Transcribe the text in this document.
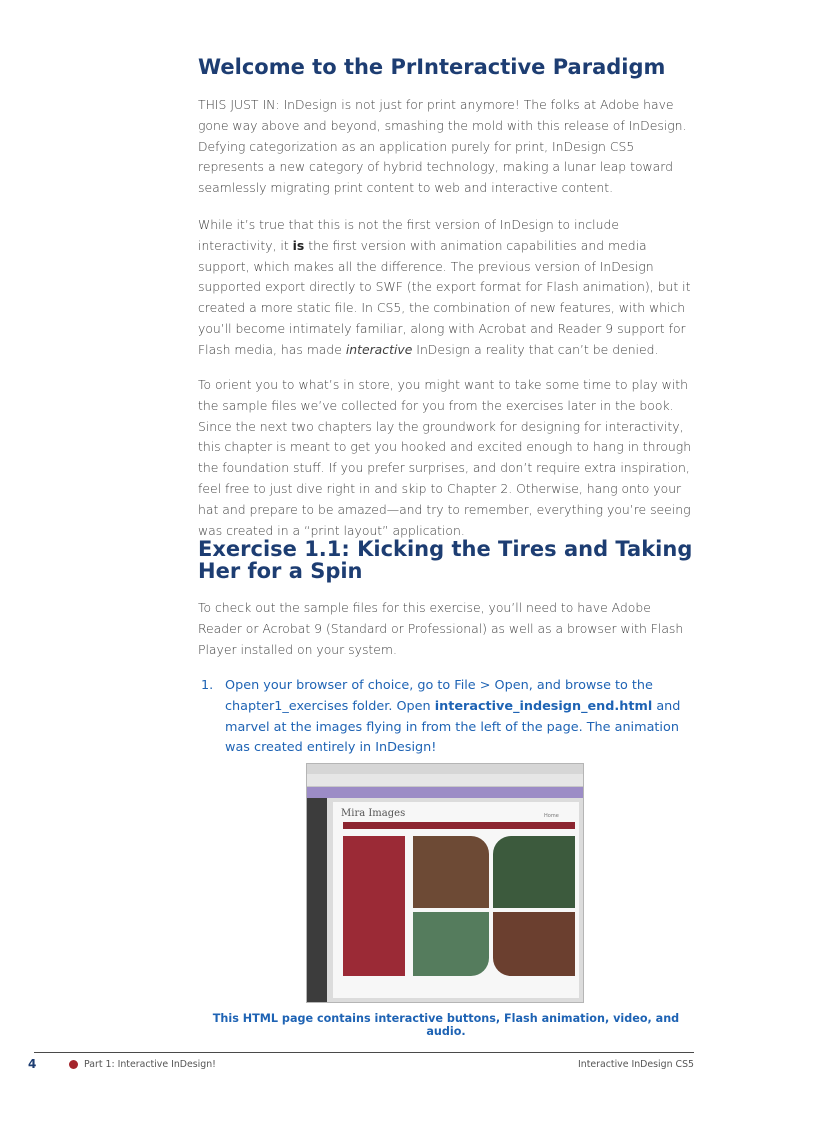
Welcome to the PrInteractive Paradigm

THIS JUST IN: InDesign is not just for print anymore! The folks at Adobe have gone way above and beyond, smashing the mold with this release of InDesign. Defying categorization as an application purely for print, InDesign CS5 represents a new category of hybrid technology, making a lunar leap toward seamlessly migrating print content to web and interactive content.

While it’s true that this is not the first version of InDesign to include interactivity, it is the first version with animation capabilities and media support, which makes all the difference. The previous version of InDesign supported export directly to SWF (the export format for Flash animation), but it created a more static file. In CS5, the combination of new features, with which you’ll become intimately familiar, along with Acrobat and Reader 9 support for Flash media, has made interactive InDesign a reality that can’t be denied.

To orient you to what’s in store, you might want to take some time to play with the sample files we’ve collected for you from the exercises later in the book. Since the next two chapters lay the groundwork for designing for interactivity, this chapter is meant to get you hooked and excited enough to hang in through the foundation stuff. If you prefer surprises, and don’t require extra inspiration, feel free to just dive right in and skip to Chapter 2. Otherwise, hang onto your hat and prepare to be amazed—and try to remember, everything you’re seeing was created in a “print layout” application.

Exercise 1.1: Kicking the Tires and Taking Her for a Spin

To check out the sample files for this exercise, you’ll need to have Adobe Reader or Acrobat 9 (Standard or Professional) as well as a browser with Flash Player installed on your system.

1. Open your browser of choice, go to File > Open, and browse to the chapter1_exercises folder. Open interactive_indesign_end.html and marvel at the images flying in from the left of the page. The animation was created entirely in InDesign!
Mira Images	Home
This HTML page contains interactive buttons, Flash animation, video, and audio.
4	Part 1: Interactive InDesign!	Interactive InDesign CS5
